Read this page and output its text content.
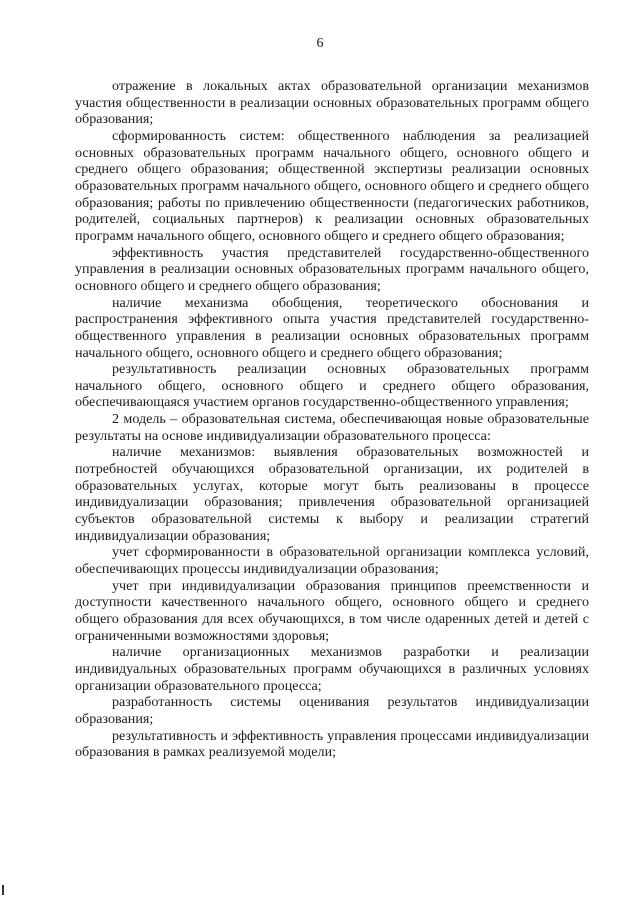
6

отражение в локальных актах образовательной организации механизмов участия общественности в реализации основных образовательных программ общего образования;

сформированность систем: общественного наблюдения за реализацией основных образовательных программ начального общего, основного общего и среднего общего образования; общественной экспертизы реализации основных образовательных программ начального общего, основного общего и среднего общего образования; работы по привлечению общественности (педагогических работников, родителей, социальных партнеров) к реализации основных образовательных программ начального общего, основного общего и среднего общего образования;

эффективность участия представителей государственно-общественного управления в реализации основных образовательных программ начального общего, основного общего и среднего общего образования;

наличие механизма обобщения, теоретического обоснования и распространения эффективного опыта участия представителей государственно-общественного управления в реализации основных образовательных программ начального общего, основного общего и среднего общего образования;

результативность реализации основных образовательных программ начального общего, основного общего и среднего общего образования, обеспечивающаяся участием органов государственно-общественного управления;

2 модель – образовательная система, обеспечивающая новые образовательные результаты на основе индивидуализации образовательного процесса:

наличие механизмов: выявления образовательных возможностей и потребностей обучающихся образовательной организации, их родителей в образовательных услугах, которые могут быть реализованы в процессе индивидуализации образования; привлечения образовательной организацией субъектов образовательной системы к выбору и реализации стратегий индивидуализации образования;

учет сформированности в образовательной организации комплекса условий, обеспечивающих процессы индивидуализации образования;

учет при индивидуализации образования принципов преемственности и доступности качественного начального общего, основного общего и среднего общего образования для всех обучающихся, в том числе одаренных детей и детей с ограниченными возможностями здоровья;

наличие организационных механизмов разработки и реализации индивидуальных образовательных программ обучающихся в различных условиях организации образовательного процесса;

разработанность системы оценивания результатов индивидуализации образования;

результативность и эффективность управления процессами индивидуализации образования в рамках реализуемой модели;
